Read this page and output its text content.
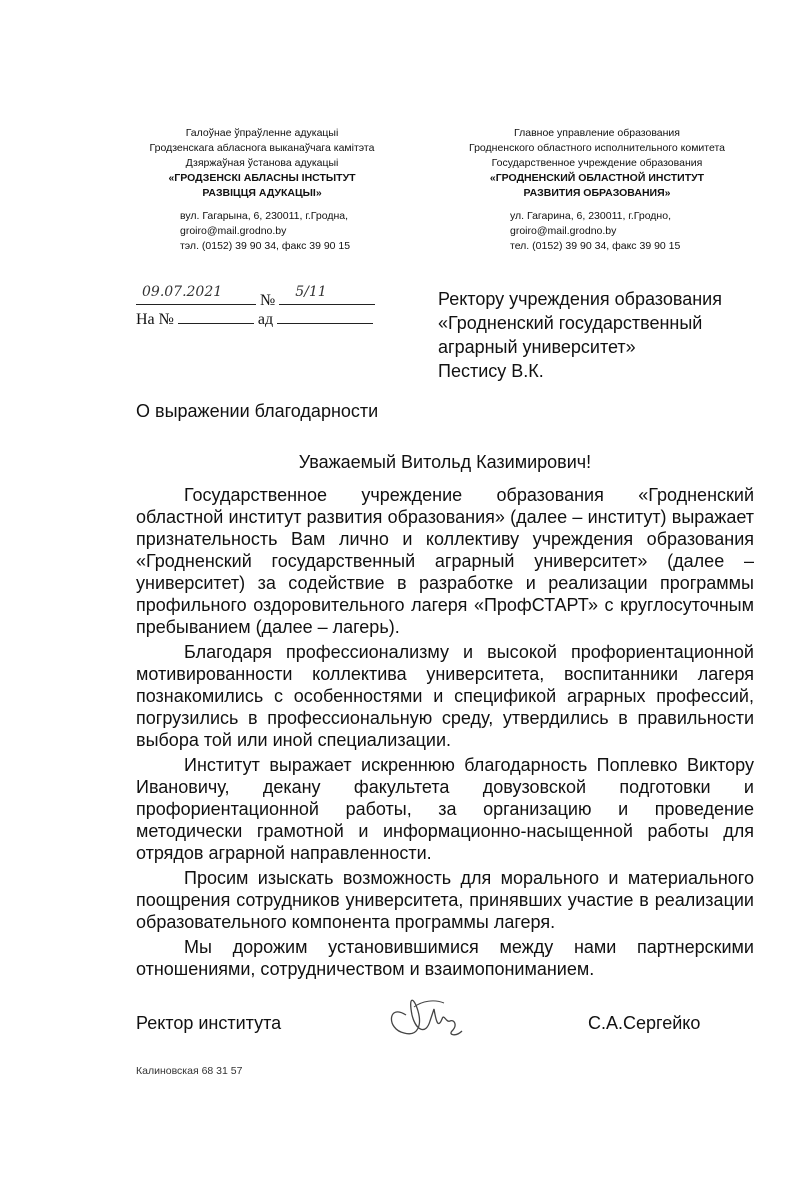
Галоўнае ўпраўленне адукацыі
Гродзенскага абласнога выканаўчага камітэта
Дзяржаўная ўстанова адукацыі
«ГРОДЗЕНСКІ АБЛАСНЫ ІНСТЫТУТ
РАЗВІЦЦЯ АДУКАЦЫІ»
вул. Гагарына, 6, 230011, г.Гродна,
groiro@mail.grodno.by
тэл. (0152) 39 90 34, факс 39 90 15
Главное управление образования
Гродненского областного исполнительного комитета
Государственное учреждение образования
«ГРОДНЕНСКИЙ ОБЛАСТНОЙ ИНСТИТУТ
РАЗВИТИЯ ОБРАЗОВАНИЯ»
ул. Гагарина, 6, 230011, г.Гродно,
groiro@mail.grodno.by
тел. (0152) 39 90 34, факс 39 90 15
09.07.2021 № 5/11
На №	ад
Ректору учреждения образования
«Гродненский государственный
аграрный университет»
Пестису В.К.
О выражении благодарности
Уважаемый Витольд Казимирович!

Государственное учреждение образования «Гродненский областной институт развития образования» (далее – институт) выражает признательность Вам лично и коллективу учреждения образования «Гродненский государственный аграрный университет» (далее – университет) за содействие в разработке и реализации программы профильного оздоровительного лагеря «ПрофСТАРТ» с круглосуточным пребыванием (далее – лагерь).

Благодаря профессионализму и высокой профориентационной мотивированности коллектива университета, воспитанники лагеря познакомились с особенностями и спецификой аграрных профессий, погрузились в профессиональную среду, утвердились в правильности выбора той или иной специализации.

Институт выражает искреннюю благодарность Поплевко Виктору Ивановичу, декану факультета довузовской подготовки и профориентационной работы, за организацию и проведение методически грамотной и информационно-насыщенной работы для отрядов аграрной направленности.

Просим изыскать возможность для морального и материального поощрения сотрудников университета, принявших участие в реализации образовательного компонента программы лагеря.

Мы дорожим установившимися между нами партнерскими отношениями, сотрудничеством и взаимопониманием.

Ректор института	С.А.Сергейко
Калиновская 68 31 57
